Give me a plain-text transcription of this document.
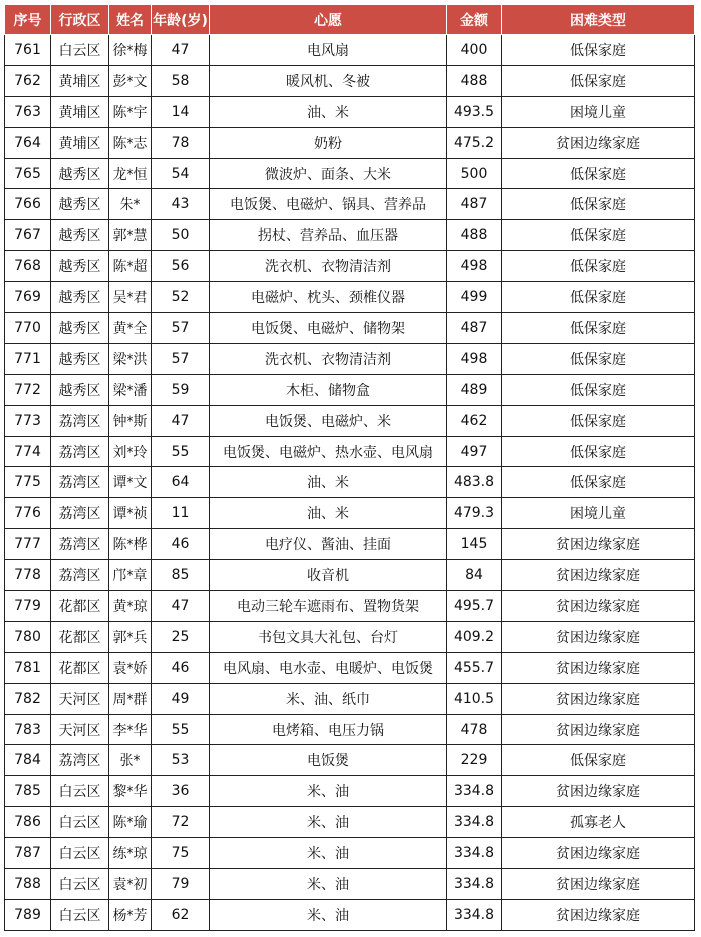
序号	行政区	姓名	年龄(岁)	心愿	金额	困难类型
761	白云区	徐*梅	47	电风扇	400	低保家庭
762	黄埔区	彭*文	58	暖风机、冬被	488	低保家庭
763	黄埔区	陈*宇	14	油、米	493.5	困境儿童
764	黄埔区	陈*志	78	奶粉	475.2	贫困边缘家庭
765	越秀区	龙*恒	54	微波炉、面条、大米	500	低保家庭
766	越秀区	朱*	43	电饭煲、电磁炉、锅具、营养品	487	低保家庭
767	越秀区	郭*慧	50	拐杖、营养品、血压器	488	低保家庭
768	越秀区	陈*超	56	洗衣机、衣物清洁剂	498	低保家庭
769	越秀区	吴*君	52	电磁炉、枕头、颈椎仪器	499	低保家庭
770	越秀区	黄*全	57	电饭煲、电磁炉、储物架	487	低保家庭
771	越秀区	梁*洪	57	洗衣机、衣物清洁剂	498	低保家庭
772	越秀区	梁*潘	59	木柜、储物盒	489	低保家庭
773	荔湾区	钟*斯	47	电饭煲、电磁炉、米	462	低保家庭
774	荔湾区	刘*玲	55	电饭煲、电磁炉、热水壶、电风扇	497	低保家庭
775	荔湾区	谭*文	64	油、米	483.8	低保家庭
776	荔湾区	谭*祯	11	油、米	479.3	困境儿童
777	荔湾区	陈*桦	46	电疗仪、酱油、挂面	145	贫困边缘家庭
778	荔湾区	邝*章	85	收音机	84	贫困边缘家庭
779	花都区	黄*琼	47	电动三轮车遮雨布、置物货架	495.7	贫困边缘家庭
780	花都区	郭*兵	25	书包文具大礼包、台灯	409.2	贫困边缘家庭
781	花都区	袁*娇	46	电风扇、电水壶、电暖炉、电饭煲	455.7	贫困边缘家庭
782	天河区	周*群	49	米、油、纸巾	410.5	贫困边缘家庭
783	天河区	李*华	55	电烤箱、电压力锅	478	贫困边缘家庭
784	荔湾区	张*	53	电饭煲	229	低保家庭
785	白云区	黎*华	36	米、油	334.8	贫困边缘家庭
786	白云区	陈*瑜	72	米、油	334.8	孤寡老人
787	白云区	练*琼	75	米、油	334.8	贫困边缘家庭
788	白云区	袁*初	79	米、油	334.8	贫困边缘家庭
789	白云区	杨*芳	62	米、油	334.8	贫困边缘家庭
